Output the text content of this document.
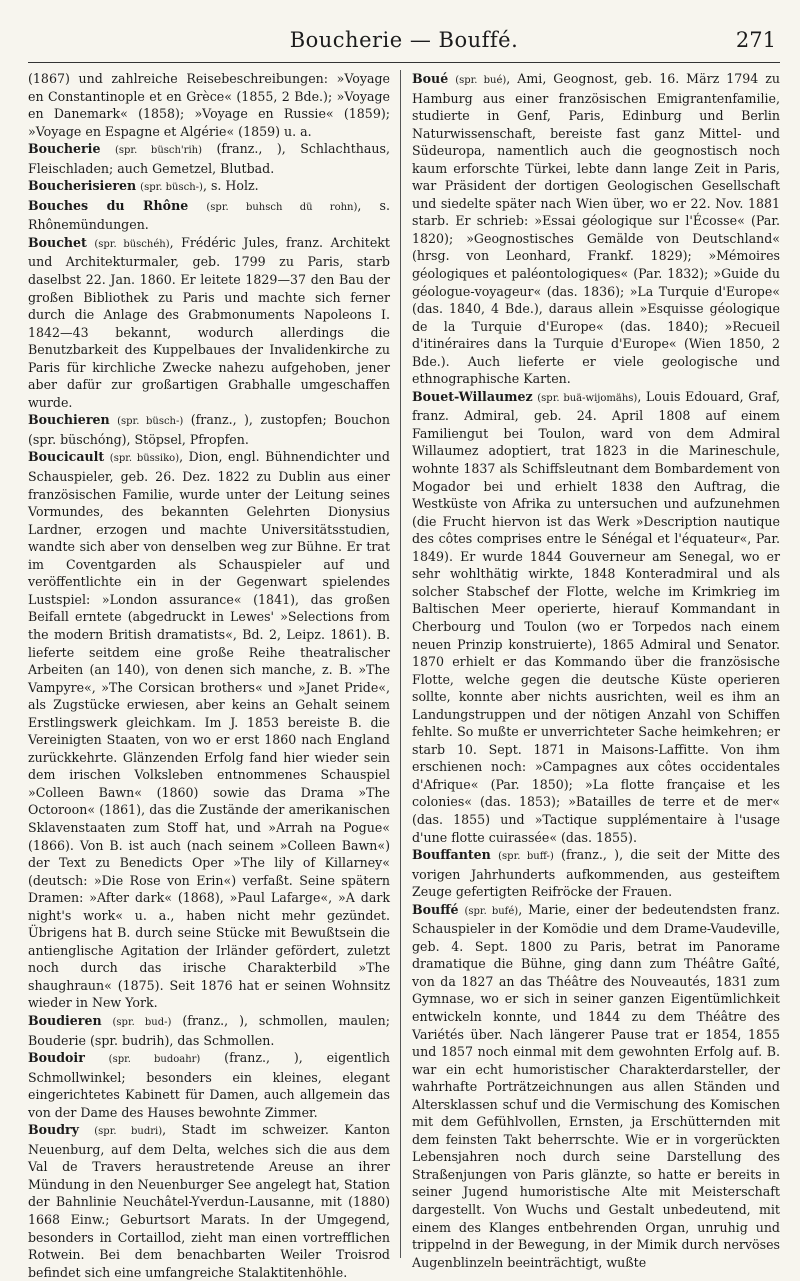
Boucherie — Bouffé.	271

(1867) und zahlreiche Reisebeschreibungen: »Voyage en Constantinople et en Grèce« (1855, 2 Bde.); »Voyage en Danemark« (1858); »Voyage en Russie« (1859); »Voyage en Espagne et Algérie« (1859) u. a.

Boucherie ( spr. büsch'rih ) (franz., ), Schlachthaus, Fleischladen; auch Gemetzel, Blutbad.

Boucherisieren ( spr. büsch- ) , s. Holz.

Bouches du Rhône ( spr. buhsch dü rohn ) , s. Rhônemündungen.

Bouchet ( spr. büschéh ) , Frédéric Jules, franz. Architekt und Architekturmaler, geb. 1799 zu Paris, starb daselbst 22. Jan. 1860. Er leitete 1829—37 den Bau der großen Bibliothek zu Paris und machte sich ferner durch die Anlage des Grabmonuments Napoleons I. 1842—43 bekannt, wodurch allerdings die Benutzbarkeit des Kuppelbaues der Invalidenkirche zu Paris für kirchliche Zwecke nahezu aufgehoben, jener aber dafür zur großartigen Grabhalle umgeschaffen wurde.

Bouchieren ( spr. büsch- ) (franz., ), zustopfen; Bouchon (spr. büschóng), Stöpsel, Pfropfen.

Boucicault ( spr. büssiko ) , Dion, engl. Bühnendichter und Schauspieler, geb. 26. Dez. 1822 zu Dublin aus einer französischen Familie, wurde unter der Leitung seines Vormundes, des bekannten Gelehrten Dionysius Lardner, erzogen und machte Universitätsstudien, wandte sich aber von denselben weg zur Bühne. Er trat im Coventgarden als Schauspieler auf und veröffentlichte ein in der Gegenwart spielendes Lustspiel: »London assurance« (1841), das großen Beifall erntete (abgedruckt in Lewes' »Selections from the modern British dramatists«, Bd. 2, Leipz. 1861). B. lieferte seitdem eine große Reihe theatralischer Arbeiten (an 140), von denen sich manche, z. B. »The Vampyre«, »The Corsican brothers« und »Janet Pride«, als Zugstücke erwiesen, aber keins an Gehalt seinem Erstlingswerk gleichkam. Im J. 1853 bereiste B. die Vereinigten Staaten, von wo er erst 1860 nach England zurückkehrte. Glänzenden Erfolg fand hier wieder sein dem irischen Volksleben entnommenes Schauspiel »Colleen Bawn« (1860) sowie das Drama »The Octoroon« (1861), das die Zustände der amerikanischen Sklavenstaaten zum Stoff hat, und »Arrah na Pogue« (1866). Von B. ist auch (nach seinem »Colleen Bawn«) der Text zu Benedicts Oper »The lily of Killarney« (deutsch: »Die Rose von Erin«) verfaßt. Seine spätern Dramen: »After dark« (1868), »Paul Lafarge«, »A dark night's work« u. a., haben nicht mehr gezündet. Übrigens hat B. durch seine Stücke mit Bewußtsein die antienglische Agitation der Irländer gefördert, zuletzt noch durch das irische Charakterbild »The shaughraun« (1875). Seit 1876 hat er seinen Wohnsitz wieder in New York.

Boudieren ( spr. bud- ) (franz., ), schmollen, maulen; Bouderie (spr. budrih), das Schmollen.

Boudoir	( spr. budoahr ) (franz., ), eigentlich Schmollwinkel; besonders ein kleines, elegant eingerichtetes Kabinett für Damen, auch allgemein das von der Dame des Hauses bewohnte Zimmer.

Boudry ( spr. budri ) , Stadt im schweizer. Kanton Neuenburg, auf dem Delta, welches sich die aus dem Val de Travers heraustretende Areuse an ihrer Mündung in den Neuenburger See angelegt hat, Station der Bahnlinie Neuchâtel-Yverdun-Lausanne, mit (1880) 1668 Einw.; Geburtsort Marats. In der Umgegend, besonders in Cortaillod, zieht man einen vortrefflichen Rotwein. Bei dem benachbarten Weiler Troisrod befindet sich eine umfangreiche Stalaktitenhöhle.

Boué ( spr. bué ) , Ami, Geognost, geb. 16. März 1794 zu Hamburg aus einer französischen Emigrantenfamilie, studierte in Genf, Paris, Edinburg und Berlin Naturwissenschaft, bereiste fast ganz Mittel- und Südeuropa, namentlich auch die geognostisch noch kaum erforschte Türkei, lebte dann lange Zeit in Paris, war Präsident der dortigen Geologischen Gesellschaft und siedelte später nach Wien über, wo er 22. Nov. 1881 starb. Er schrieb: »Essai géologique sur l'Écosse« (Par. 1820); »Geognostisches Gemälde von Deutschland« (hrsg. von Leonhard, Frankf. 1829); »Mémoires géologiques et paléontologiques« (Par. 1832); »Guide du géologue-voyageur« (das. 1836); »La Turquie d'Europe« (das. 1840, 4 Bde.), daraus allein »Esquisse géologique de la Turquie d'Europe« (das. 1840); »Recueil d'itinéraires dans la Turquie d'Europe« (Wien 1850, 2 Bde.). Auch lieferte er viele geologische und ethnographische Karten.

Bouet-Willaumez ( spr. buä-wijomähs ) , Louis Edouard, Graf, franz. Admiral, geb. 24. April 1808 auf einem Familiengut bei Toulon, ward von dem Admiral Willaumez adoptiert, trat 1823 in die Marineschule, wohnte 1837 als Schiffsleutnant dem Bombardement von Mogador bei und erhielt 1838 den Auftrag, die Westküste von Afrika zu untersuchen und aufzunehmen (die Frucht hiervon ist das Werk »Description nautique des côtes comprises entre le Sénégal et l'équateur«, Par. 1849). Er wurde 1844 Gouverneur am Senegal, wo er sehr wohlthätig wirkte, 1848 Konteradmiral und als solcher Stabschef der Flotte, welche im Krimkrieg im Baltischen Meer operierte, hierauf Kommandant in Cherbourg und Toulon (wo er Torpedos nach einem neuen Prinzip konstruierte), 1865 Admiral und Senator. 1870 erhielt er das Kommando über die französische Flotte, welche gegen die deutsche Küste operieren sollte, konnte aber nichts ausrichten, weil es ihm an Landungstruppen und der nötigen Anzahl von Schiffen fehlte. So mußte er unverrichteter Sache heimkehren; er starb 10. Sept. 1871 in Maisons-Laffitte. Von ihm erschienen noch: »Campagnes aux côtes occidentales d'Afrique« (Par. 1850); »La flotte française et les colonies« (das. 1853); »Batailles de terre et de mer« (das. 1855) und »Tactique supplémentaire à l'usage d'une flotte cuirassée« (das. 1855).

Bouffanten ( spr. buff- ) (franz., ), die seit der Mitte des vorigen Jahrhunderts aufkommenden, aus gesteiftem Zeuge gefertigten Reifröcke der Frauen.

Bouffé ( spr. bufé ) , Marie, einer der bedeutendsten franz. Schauspieler in der Komödie und dem Drame-Vaudeville, geb. 4. Sept. 1800 zu Paris, betrat im Panorame dramatique die Bühne, ging dann zum Théâtre Gaîté, von da 1827 an das Théâtre des Nouveautés, 1831 zum Gymnase, wo er sich in seiner ganzen Eigentümlichkeit entwickeln konnte, und 1844 zu dem Théâtre des Variétés über. Nach längerer Pause trat er 1854, 1855 und 1857 noch einmal mit dem gewohnten Erfolg auf. B. war ein echt humoristischer Charakterdarsteller, der wahrhafte Porträtzeichnungen aus allen Ständen und Altersklassen schuf und die Vermischung des Komischen mit dem Gefühlvollen, Ernsten, ja Erschütternden mit dem feinsten Takt beherrschte. Wie er in vorgerückten Lebensjahren noch durch seine Darstellung des Straßenjungen von Paris glänzte, so hatte er bereits in seiner Jugend humoristische Alte mit Meisterschaft dargestellt. Von Wuchs und Gestalt unbedeutend, mit einem des Klanges entbehrenden Organ, unruhig und trippelnd in der Bewegung, in der Mimik durch nervöses Augenblinzeln beeinträchtigt, wußte
